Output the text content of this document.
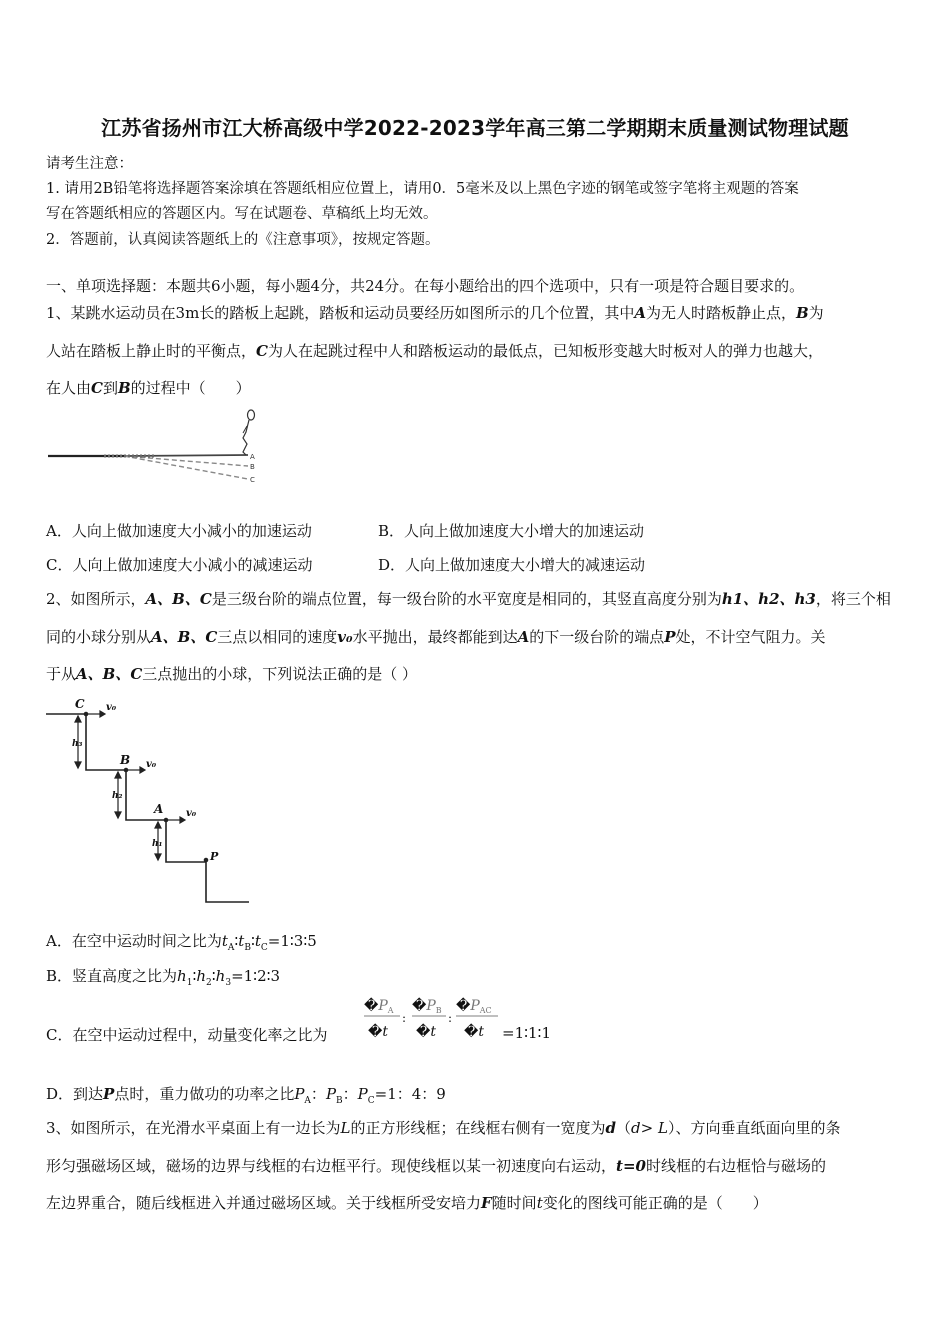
江苏省扬州市江大桥高级中学2022-2023学年高三第二学期期末质量测试物理试题
请考生注意：
1. 请用2B铅笔将选择题答案涂填在答题纸相应位置上，请用0．5毫米及以上黑色字迹的钢笔或签字笔将主观题的答案
写在答题纸相应的答题区内。写在试题卷、草稿纸上均无效。
2．答题前，认真阅读答题纸上的《注意事项》，按规定答题。
一、单项选择题：本题共6小题，每小题4分，共24分。在每小题给出的四个选项中，只有一项是符合题目要求的。
1、某跳水运动员在3m长的踏板上起跳，踏板和运动员要经历如图所示的几个位置，其中A为无人时踏板静止点，B为
人站在踏板上静止时的平衡点，C为人在起跳过程中人和踏板运动的最低点，已知板形变越大时板对人的弹力也越大，
在人由C到B的过程中（　　）
A
B
C
A．人向上做加速度大小减小的加速运动	B．人向上做加速度大小增大的加速运动
C．人向上做加速度大小减小的减速运动	D．人向上做加速度大小增大的减速运动
2、如图所示，A、B、C是三级台阶的端点位置，每一级台阶的水平宽度是相同的，其竖直高度分别为h1、h2、h3，将三个相
同的小球分别从A、B、C三点以相同的速度v₀水平抛出，最终都能到达A的下一级台阶的端点P处，不计空气阻力。关
于从A、B、C三点抛出的小球，下列说法正确的是（ ）
C v₀
B v₀
A v₀
P
h₃
h₂
h₁
A．在空中运动时间之比为$t_A∶t_B∶t_C=1∶3∶5$
B．竖直高度之比为$h_1∶h_2∶h_3=1∶2∶3$
C．在空中运动过程中，动量变化率之比为
$�P_A$
�t
:
$�P_B$
�t
:
$�P_{AC}$
�t =1∶1∶1
D．到达P点时，重力做功的功率之比$P_A$：$P_B$：$P_C=1$：4：9
3、如图所示，在光滑水平桌面上有一边长为L的正方形线框；在线框右侧有一宽度为d（d> L）、方向垂直纸面向里的条
形匀强磁场区域，磁场的边界与线框的右边框平行。现使线框以某一初速度向右运动，t=0时线框的右边框恰与磁场的
左边界重合，随后线框进入并通过磁场区域。关于线框所受安培力F随时间t变化的图线可能正确的是（　　）
